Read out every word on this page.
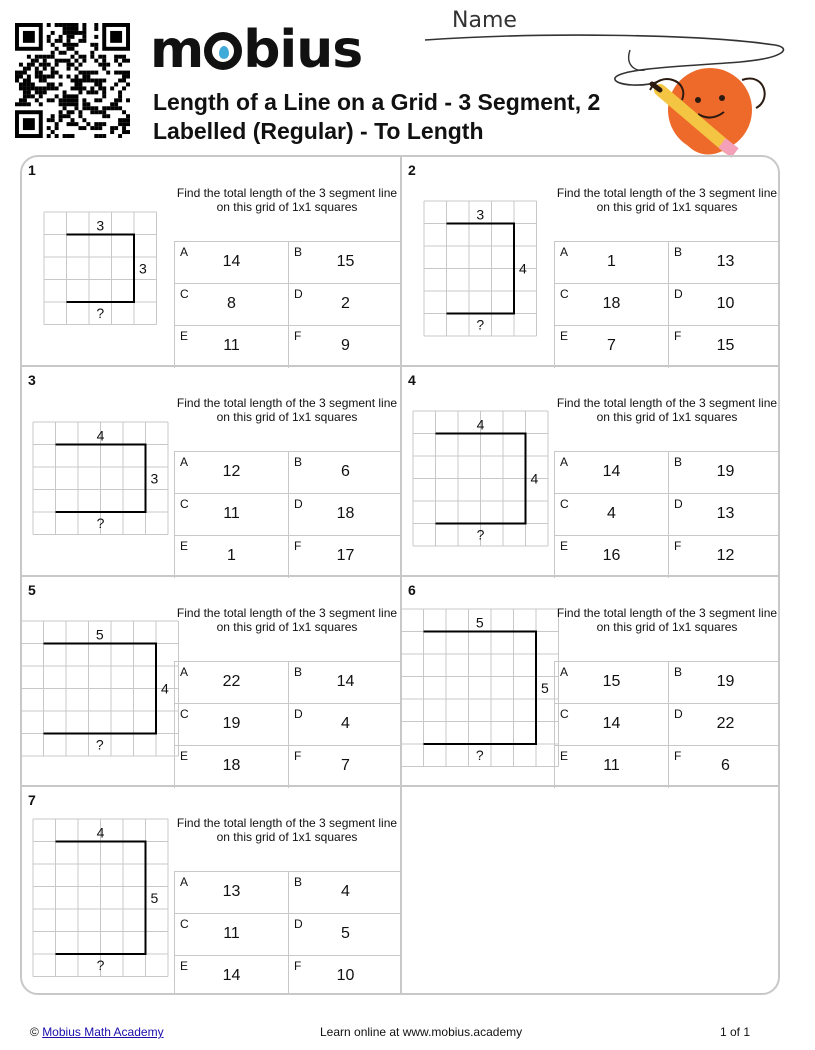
m bius
Length of a Line on a Grid - 3 Segment, 2 Labelled (Regular) - To Length
Name
1
3
3
?
Find the total length of the 3 segment line on this grid of 1x1 squares
A
14
B
15
C
8
D
2
E
11
F
9
2
3
4
?
Find the total length of the 3 segment line on this grid of 1x1 squares
A
1
B
13
C
18
D
10
E
7
F
15
3
4
3
?
Find the total length of the 3 segment line on this grid of 1x1 squares
A
12
B
6
C
11
D
18
E
1
F
17
4
4
4
?
Find the total length of the 3 segment line on this grid of 1x1 squares
A
14
B
19
C
4
D
13
E
16
F
12
5
5
4
?
Find the total length of the 3 segment line on this grid of 1x1 squares
A
22
B
14
C
19
D
4
E
18
F
7
6
5
5
?
Find the total length of the 3 segment line on this grid of 1x1 squares
A
15
B
19
C
14
D
22
E
11
F
6
7
4
5
?
Find the total length of the 3 segment line on this grid of 1x1 squares
A
13
B
4
C
11
D
5
E
14
F
10
© Mobius Math Academy	Learn online at www.mobius.academy	1 of 1
